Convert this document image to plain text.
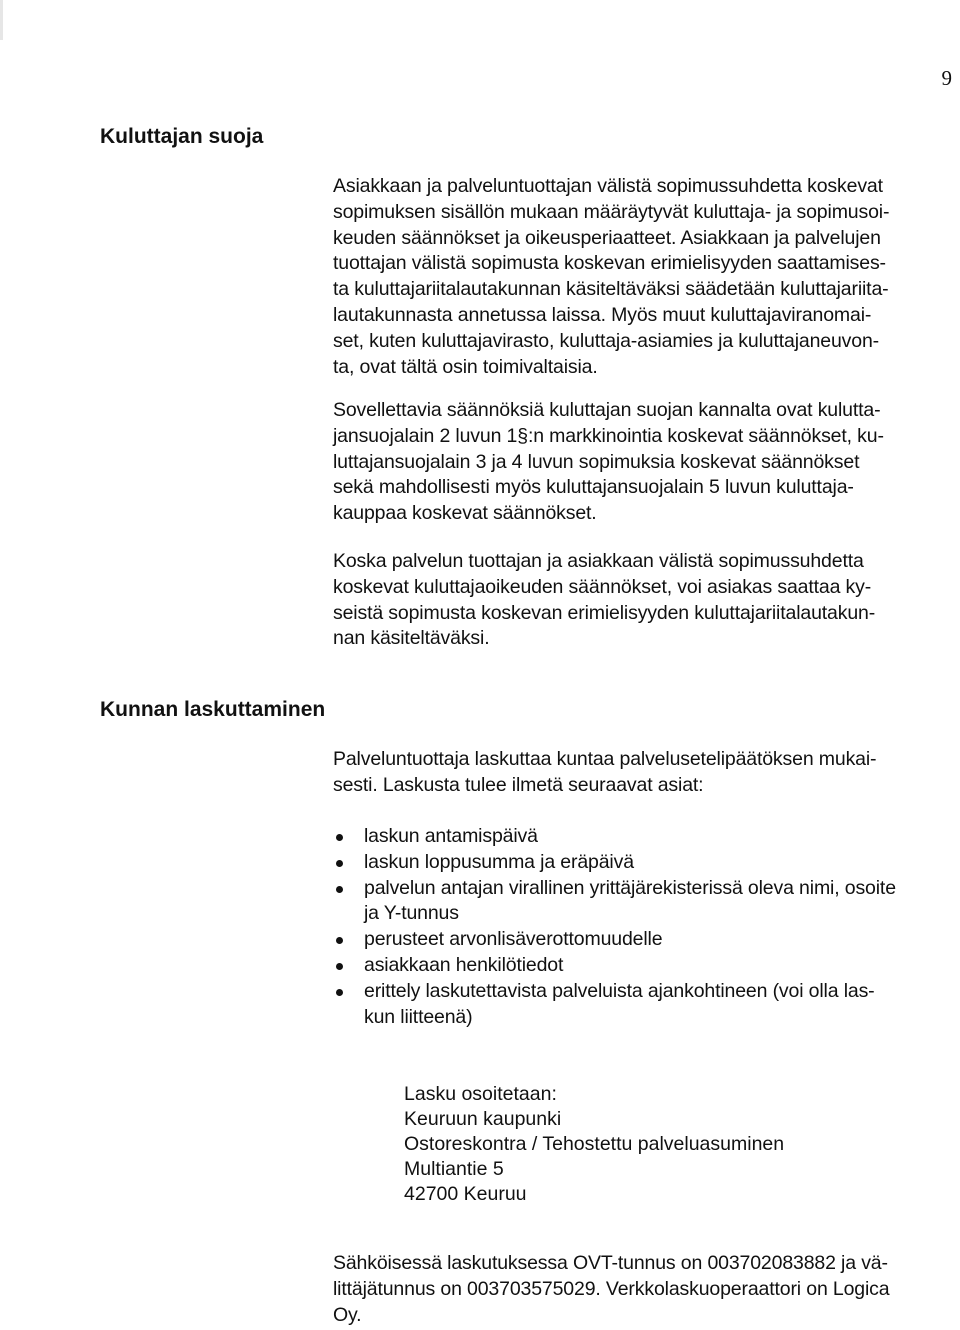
9
Kuluttajan suoja
Asiakkaan ja palveluntuottajan välistä sopimussuhdetta koskevat
sopimuksen sisällön mukaan määräytyvät kuluttaja- ja sopimusoi-
keuden säännökset ja oikeusperiaatteet. Asiakkaan ja palvelujen
tuottajan välistä sopimusta koskevan erimielisyyden saattamises-
ta kuluttajariitalautakunnan käsiteltäväksi säädetään kuluttajariita-
lautakunnasta annetussa laissa. Myös muut kuluttajaviranomai-
set, kuten kuluttajavirasto, kuluttaja-asiamies ja kuluttajaneuvon-
ta, ovat tältä osin toimivaltaisia.
Sovellettavia säännöksiä kuluttajan suojan kannalta ovat kulutta-
jansuojalain 2 luvun 1§:n markkinointia koskevat säännökset, ku-
luttajansuojalain 3 ja 4 luvun sopimuksia koskevat säännökset
sekä mahdollisesti myös kuluttajansuojalain 5 luvun kuluttaja-
kauppaa koskevat säännökset.
Koska palvelun tuottajan ja asiakkaan välistä sopimussuhdetta
koskevat kuluttajaoikeuden säännökset, voi asiakas saattaa ky-
seistä sopimusta koskevan erimielisyyden kuluttajariitalautakun-
nan käsiteltäväksi.
Kunnan laskuttaminen
Palveluntuottaja laskuttaa kuntaa palvelusetelipäätöksen mukai-
sesti. Laskusta tulee ilmetä seuraavat asiat:
laskun antamispäivä
laskun loppusumma ja eräpäivä
palvelun antajan virallinen yrittäjärekisterissä oleva nimi, osoite
ja Y-tunnus
perusteet arvonlisäverottomuudelle
asiakkaan henkilötiedot
erittely laskutettavista palveluista ajankohtineen (voi olla las-
kun liitteenä)
Lasku osoitetaan:
Keuruun kaupunki
Ostoreskontra / Tehostettu palveluasuminen
Multiantie 5
42700 Keuruu
Sähköisessä laskutuksessa OVT-tunnus on 003702083882 ja vä-
littäjätunnus on 003703575029. Verkkolaskuoperaattori on Logica
Oy.
